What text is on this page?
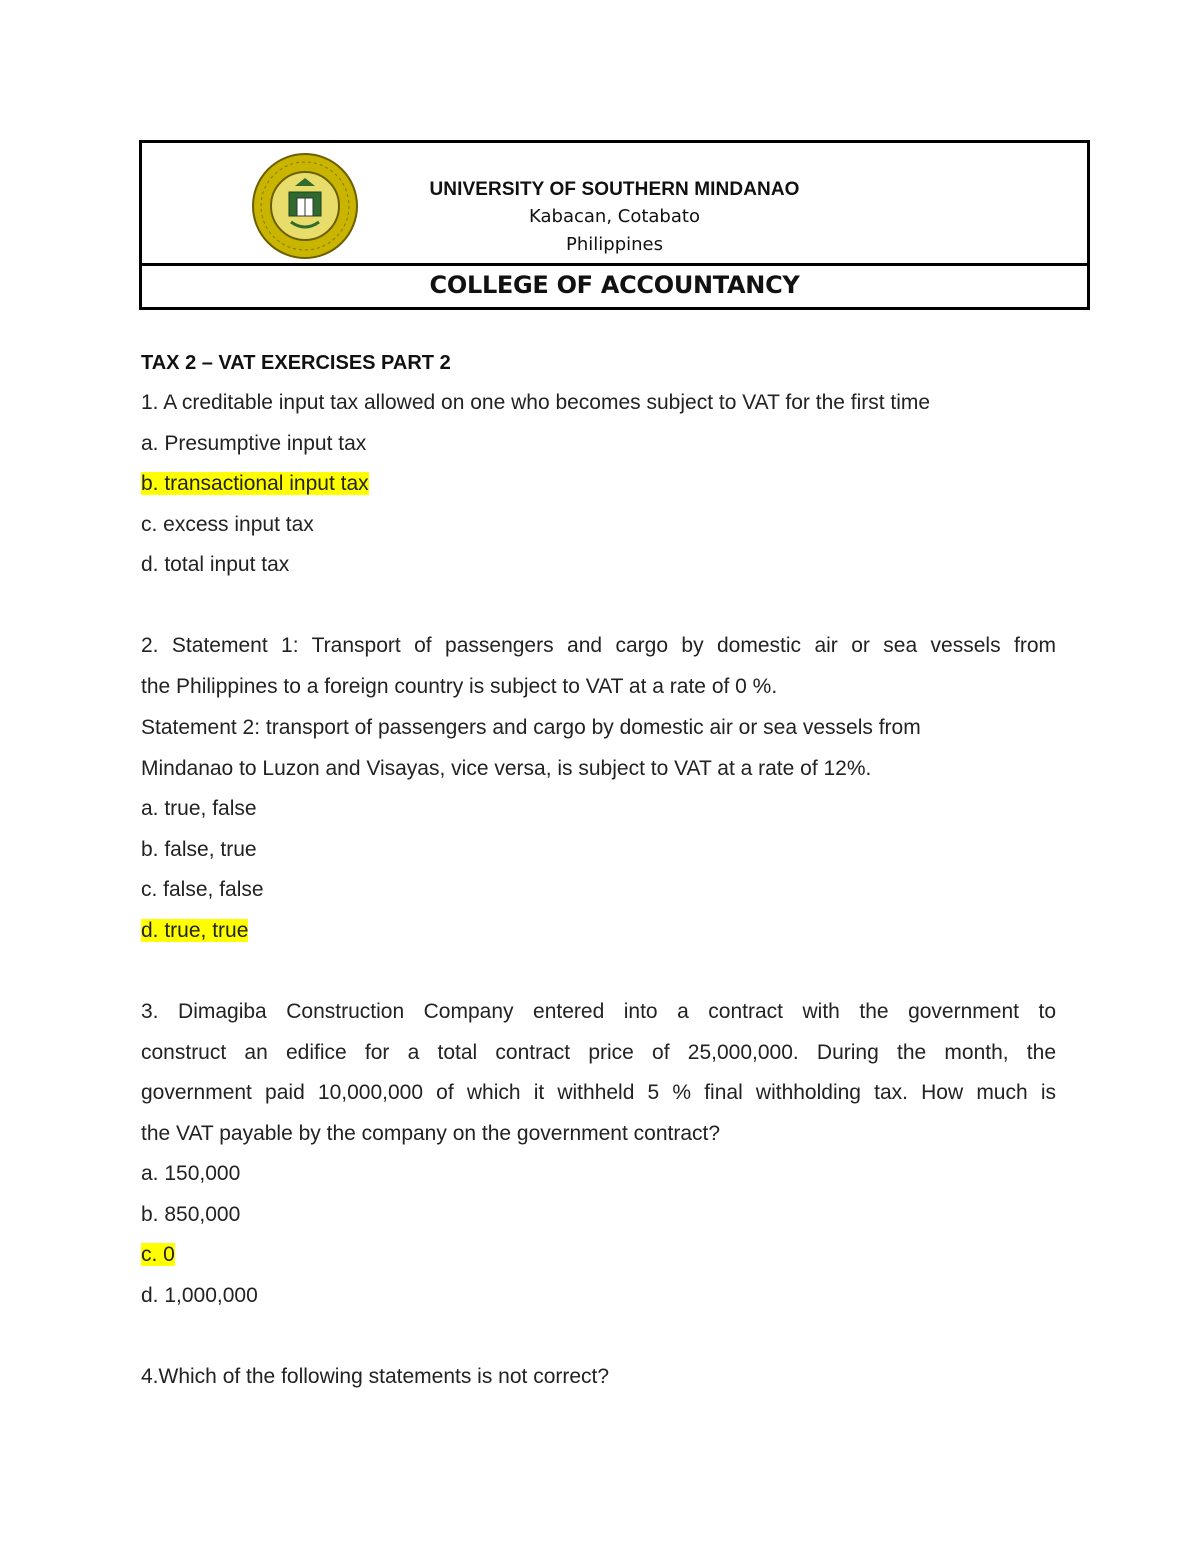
UNIVERSITY OF SOUTHERN MINDANAO
Kabacan, Cotabato
Philippines
COLLEGE OF ACCOUNTANCY
TAX 2 – VAT EXERCISES PART 2
1. A creditable input tax allowed on one who becomes subject to VAT for the first time
a. Presumptive input tax
b. transactional input tax
c. excess input tax
d. total input tax
2. Statement 1: Transport of passengers and cargo by domestic air or sea vessels from
the Philippines to a foreign country is subject to VAT at a rate of 0 %.
Statement 2: transport of passengers and cargo by domestic air or sea vessels from
Mindanao to Luzon and Visayas, vice versa, is subject to VAT at a rate of 12%.
a. true, false
b. false, true
c. false, false
d. true, true
3. Dimagiba Construction Company entered into a contract with the government to
construct an edifice for a total contract price of 25,000,000. During the month, the
government paid 10,000,000 of which it withheld 5 % final withholding tax. How much is
the VAT payable by the company on the government contract?
a. 150,000
b. 850,000
c. 0
d. 1,000,000
4.Which of the following statements is not correct?
